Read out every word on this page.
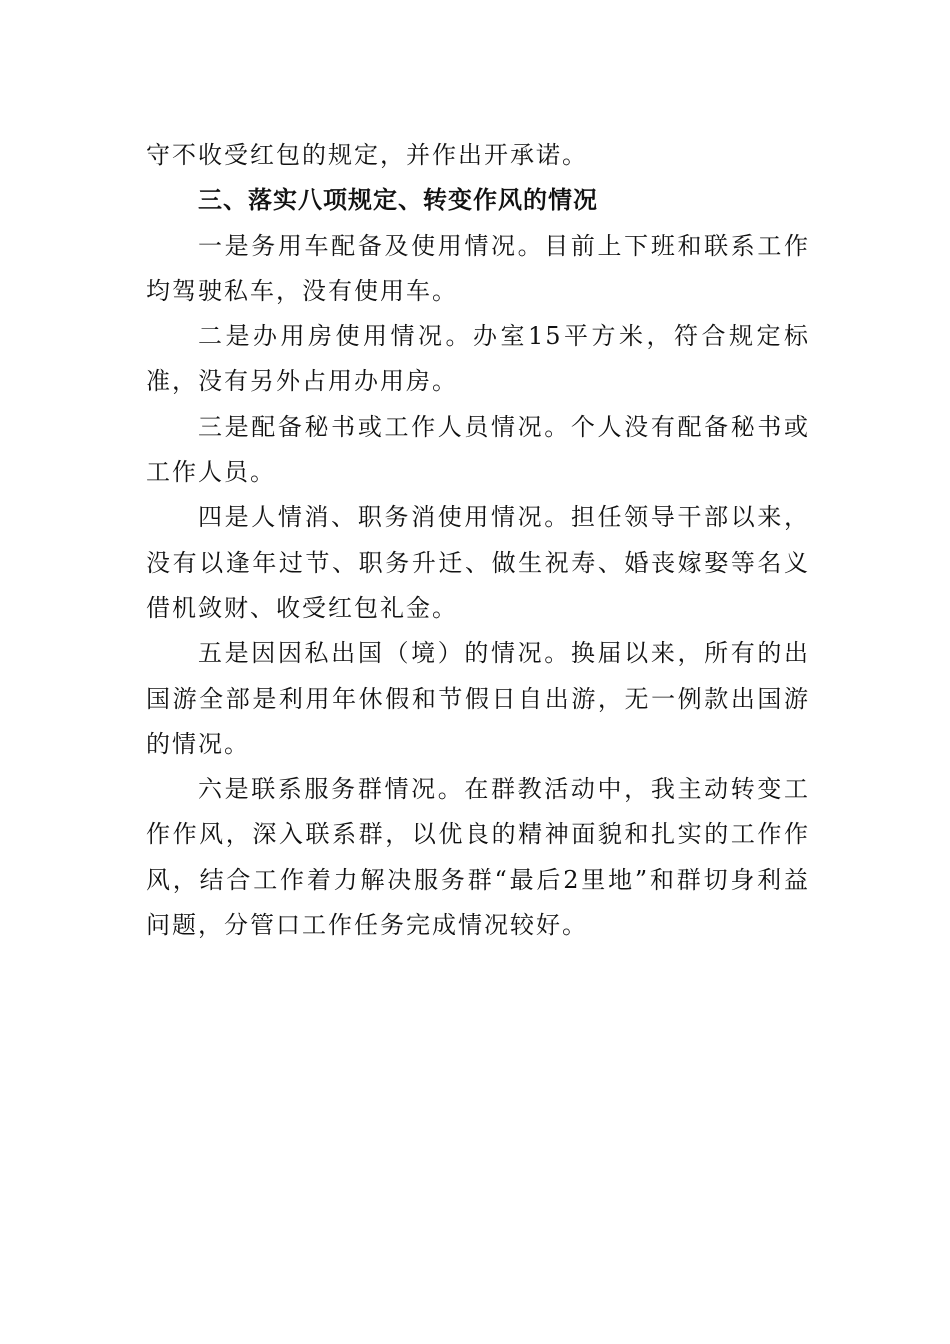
守不收受红包的规定，并作出开承诺。

三、落实八项规定、转变作风的情况

一是务用车配备及使用情况。目前上下班和联系工作均驾驶私车，没有使用车。

二是办用房使用情况。办室15平方米，符合规定标准，没有另外占用办用房。

三是配备秘书或工作人员情况。个人没有配备秘书或工作人员。

四是人情消、职务消使用情况。担任领导干部以来，没有以逢年过节、职务升迁、做生祝寿、婚丧嫁娶等名义借机敛财、收受红包礼金。

五是因因私出国（境）的情况。换届以来，所有的出国游全部是利用年休假和节假日自出游，无一例款出国游的情况。

六是联系服务群情况。在群教活动中，我主动转变工作作风，深入联系群，以优良的精神面貌和扎实的工作作风，结合工作着力解决服务群“最后2里地”和群切身利益问题，分管口工作任务完成情况较好。
